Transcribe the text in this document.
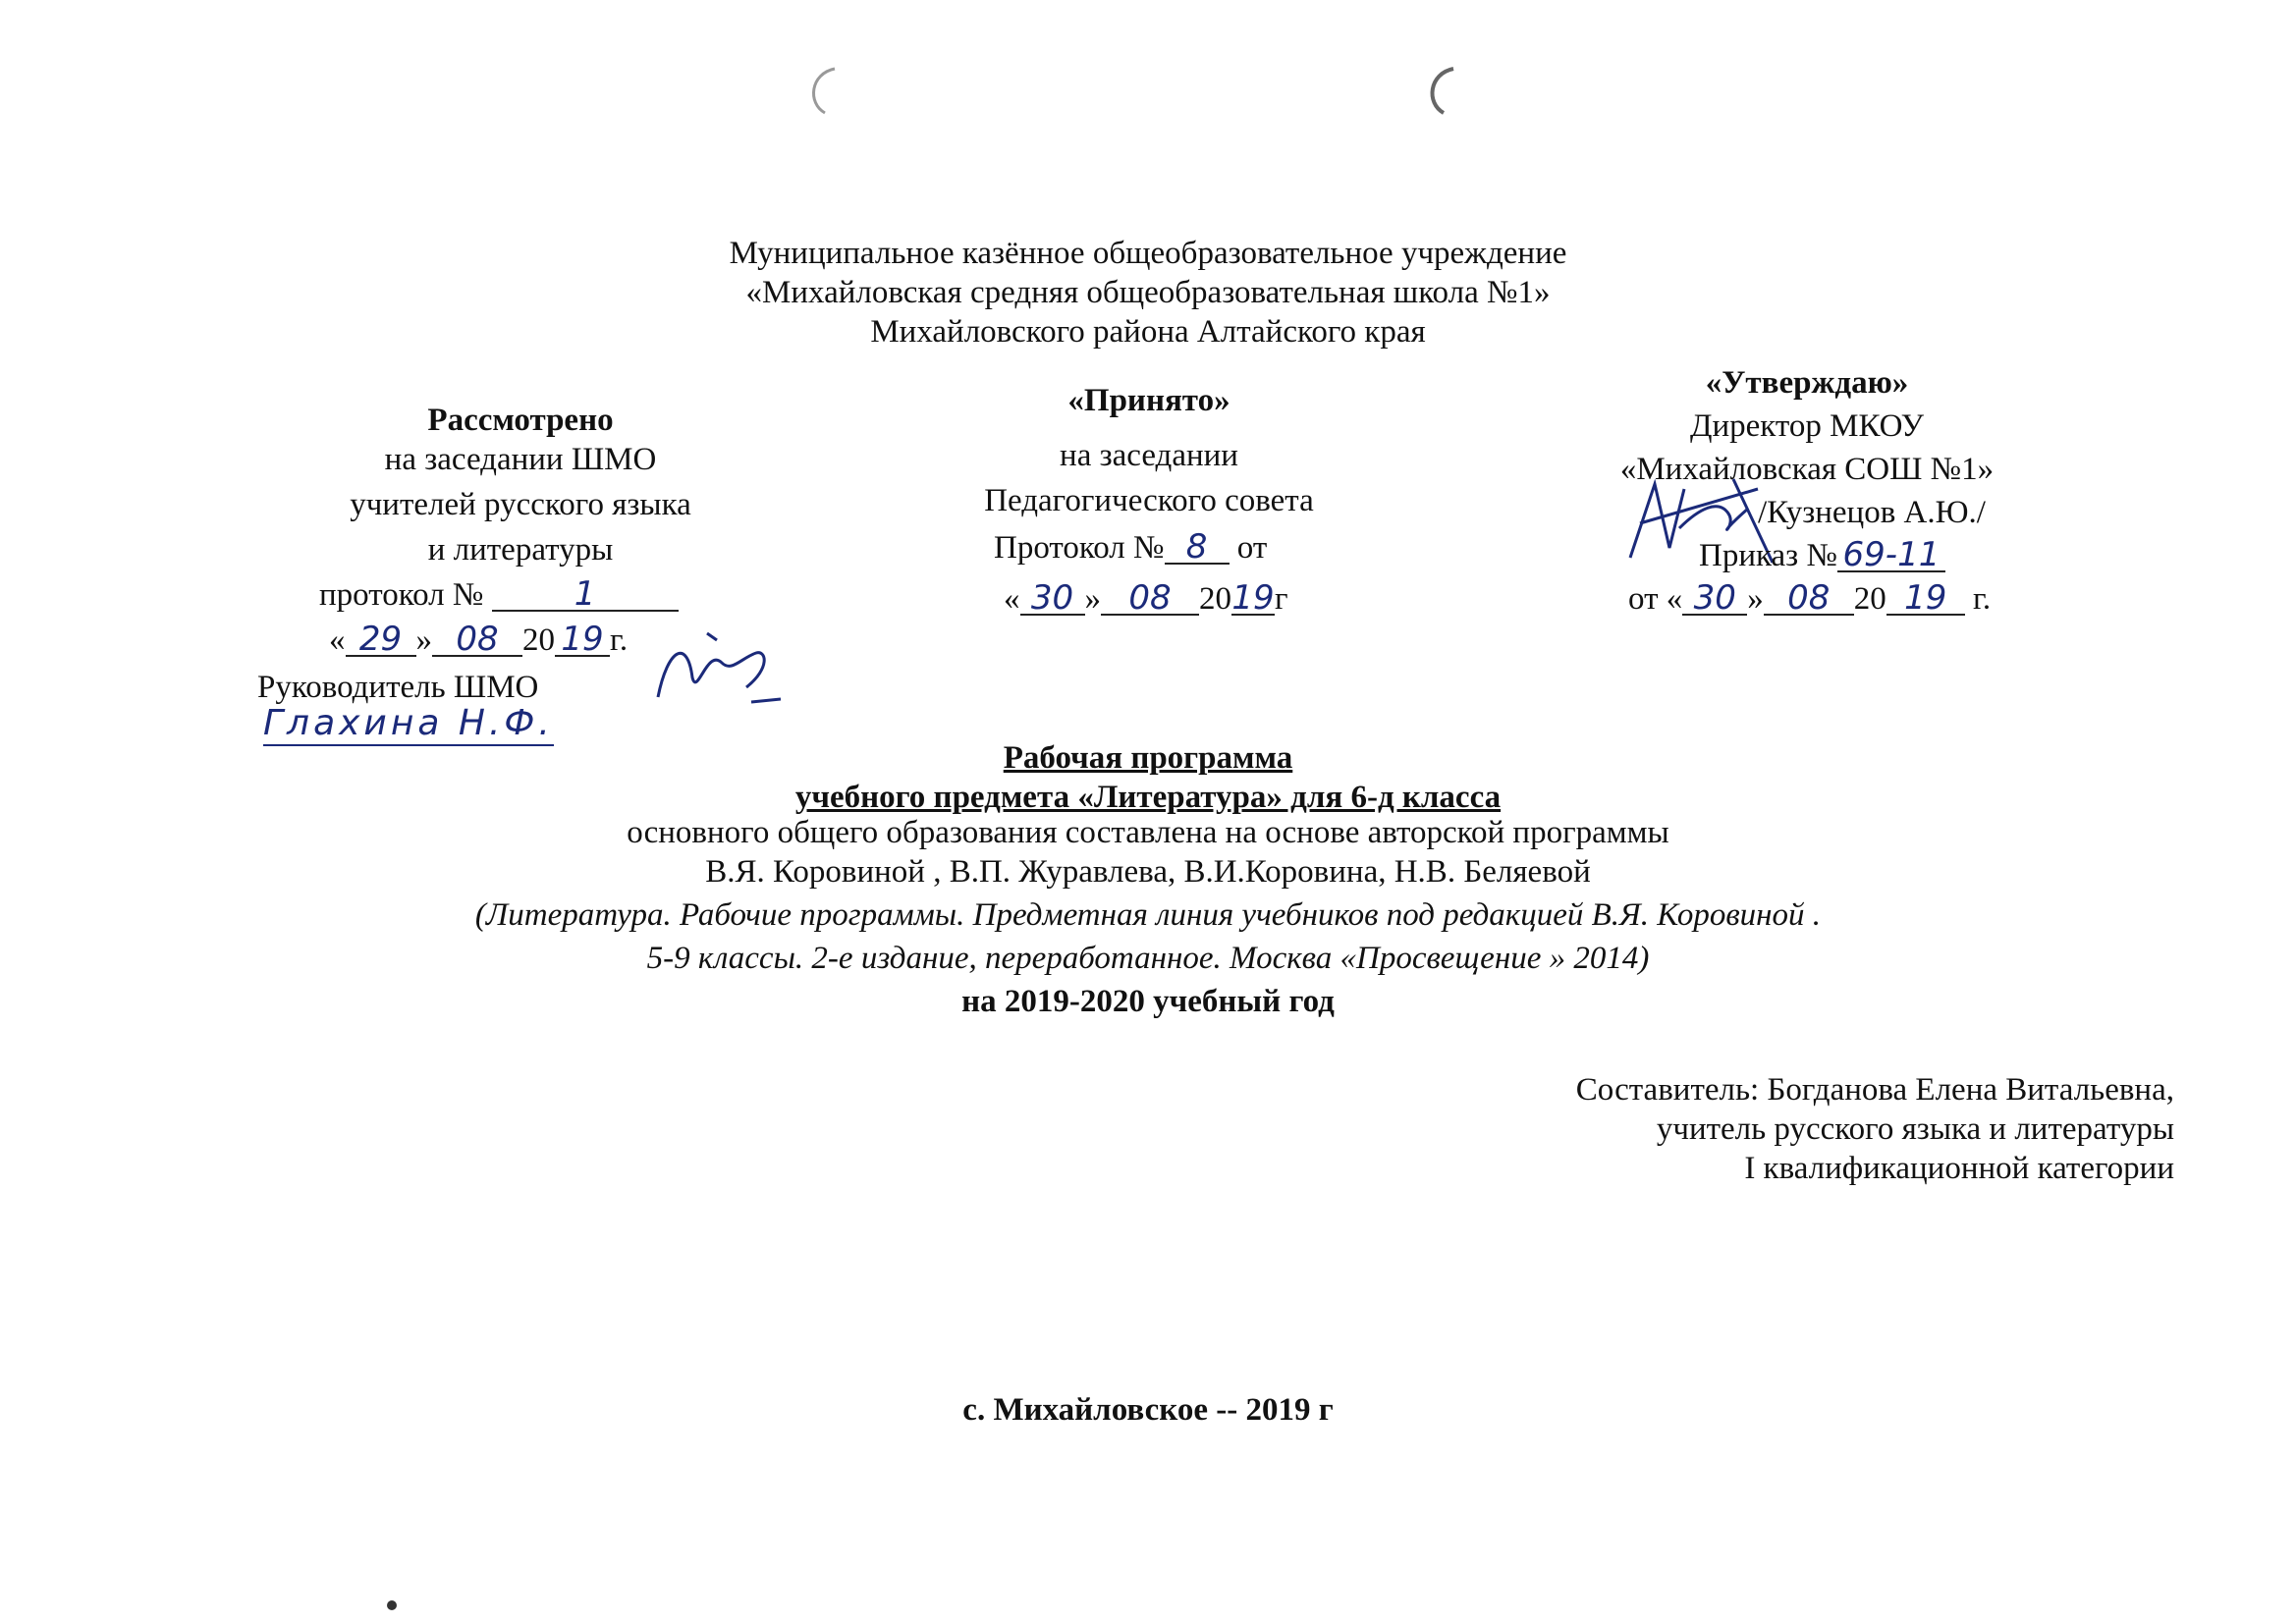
Муниципальное казённое общеобразовательное учреждение
«Михайловская средняя общеобразовательная школа №1»
Михайловского района Алтайского края
Рассмотрено
на заседании ШМО
учителей русского языка
и литературы
протокол №	1
« 29 » 08 20 19 г.
Руководитель ШМО
Глахина Н.Ф.
«Принято»
на заседании
Педагогического совета
Протокол № 8 от
« 30 » 08 2019г
«Утверждаю»
Директор МКОУ
«Михайловская СОШ №1»
/Кузнецов А.Ю./
Приказ № 69-11
от « 30 » 08 20 19 г.
Рабочая программа
учебного предмета «Литература» для 6-д класса
основного общего образования составлена на основе авторской программы
В.Я. Коровиной , В.П. Журавлева, В.И.Коровина, Н.В. Беляевой
(Литература. Рабочие программы. Предметная линия учебников под редакцией В.Я. Коровиной .
5-9 классы. 2-е издание, переработанное. Москва «Просвещение » 2014)
на 2019-2020 учебный год
Составитель: Богданова Елена Витальевна,
учитель русского языка и литературы
I квалификационной категории
с. Михайловское -- 2019 г
